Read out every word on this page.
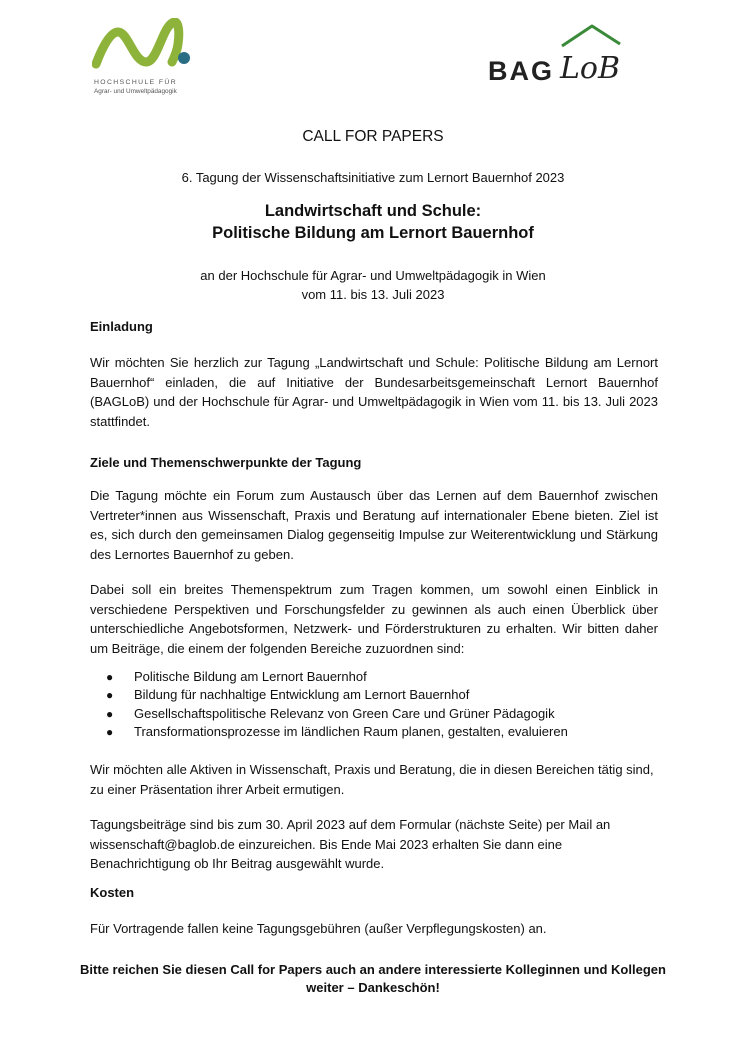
HOCHSCHULE FÜR
Agrar- und Umweltpädagogik
BAG LoB
CALL FOR PAPERS
6. Tagung der Wissenschaftsinitiative zum Lernort Bauernhof 2023
Landwirtschaft und Schule:
Politische Bildung am Lernort Bauernhof
an der Hochschule für Agrar- und Umweltpädagogik in Wien
vom 11. bis 13. Juli 2023
Einladung
Wir möchten Sie herzlich zur Tagung „Landwirtschaft und Schule: Politische Bildung am Lernort
Bauernhof“ einladen, die auf Initiative der Bundesarbeitsgemeinschaft Lernort Bauernhof
(BAGLoB) und der Hochschule für Agrar- und Umweltpädagogik in Wien vom 11. bis 13. Juli 2023
stattfindet.
Ziele und Themenschwerpunkte der Tagung
Die Tagung möchte ein Forum zum Austausch über das Lernen auf dem Bauernhof zwischen
Vertreter*innen aus Wissenschaft, Praxis und Beratung auf internationaler Ebene bieten. Ziel ist
es, sich durch den gemeinsamen Dialog gegenseitig Impulse zur Weiterentwicklung und Stärkung
des Lernortes Bauernhof zu geben.
Dabei soll ein breites Themenspektrum zum Tragen kommen, um sowohl einen Einblick in
verschiedene Perspektiven und Forschungsfelder zu gewinnen als auch einen Überblick über
unterschiedliche Angebotsformen, Netzwerk- und Förderstrukturen zu erhalten. Wir bitten daher
um Beiträge, die einem der folgenden Bereiche zuzuordnen sind:
● Politische Bildung am Lernort Bauernhof
● Bildung für nachhaltige Entwicklung am Lernort Bauernhof
● Gesellschaftspolitische Relevanz von Green Care und Grüner Pädagogik
● Transformationsprozesse im ländlichen Raum planen, gestalten, evaluieren
Wir möchten alle Aktiven in Wissenschaft, Praxis und Beratung, die in diesen Bereichen tätig sind,
zu einer Präsentation ihrer Arbeit ermutigen.
Tagungsbeiträge sind bis zum 30. April 2023 auf dem Formular (nächste Seite) per Mail an
wissenschaft@baglob.de einzureichen. Bis Ende Mai 2023 erhalten Sie dann eine
Benachrichtigung ob Ihr Beitrag ausgewählt wurde.
Kosten
Für Vortragende fallen keine Tagungsgebühren (außer Verpflegungskosten) an.
Bitte reichen Sie diesen Call for Papers auch an andere interessierte Kolleginnen und Kollegen
weiter – Dankeschön!
